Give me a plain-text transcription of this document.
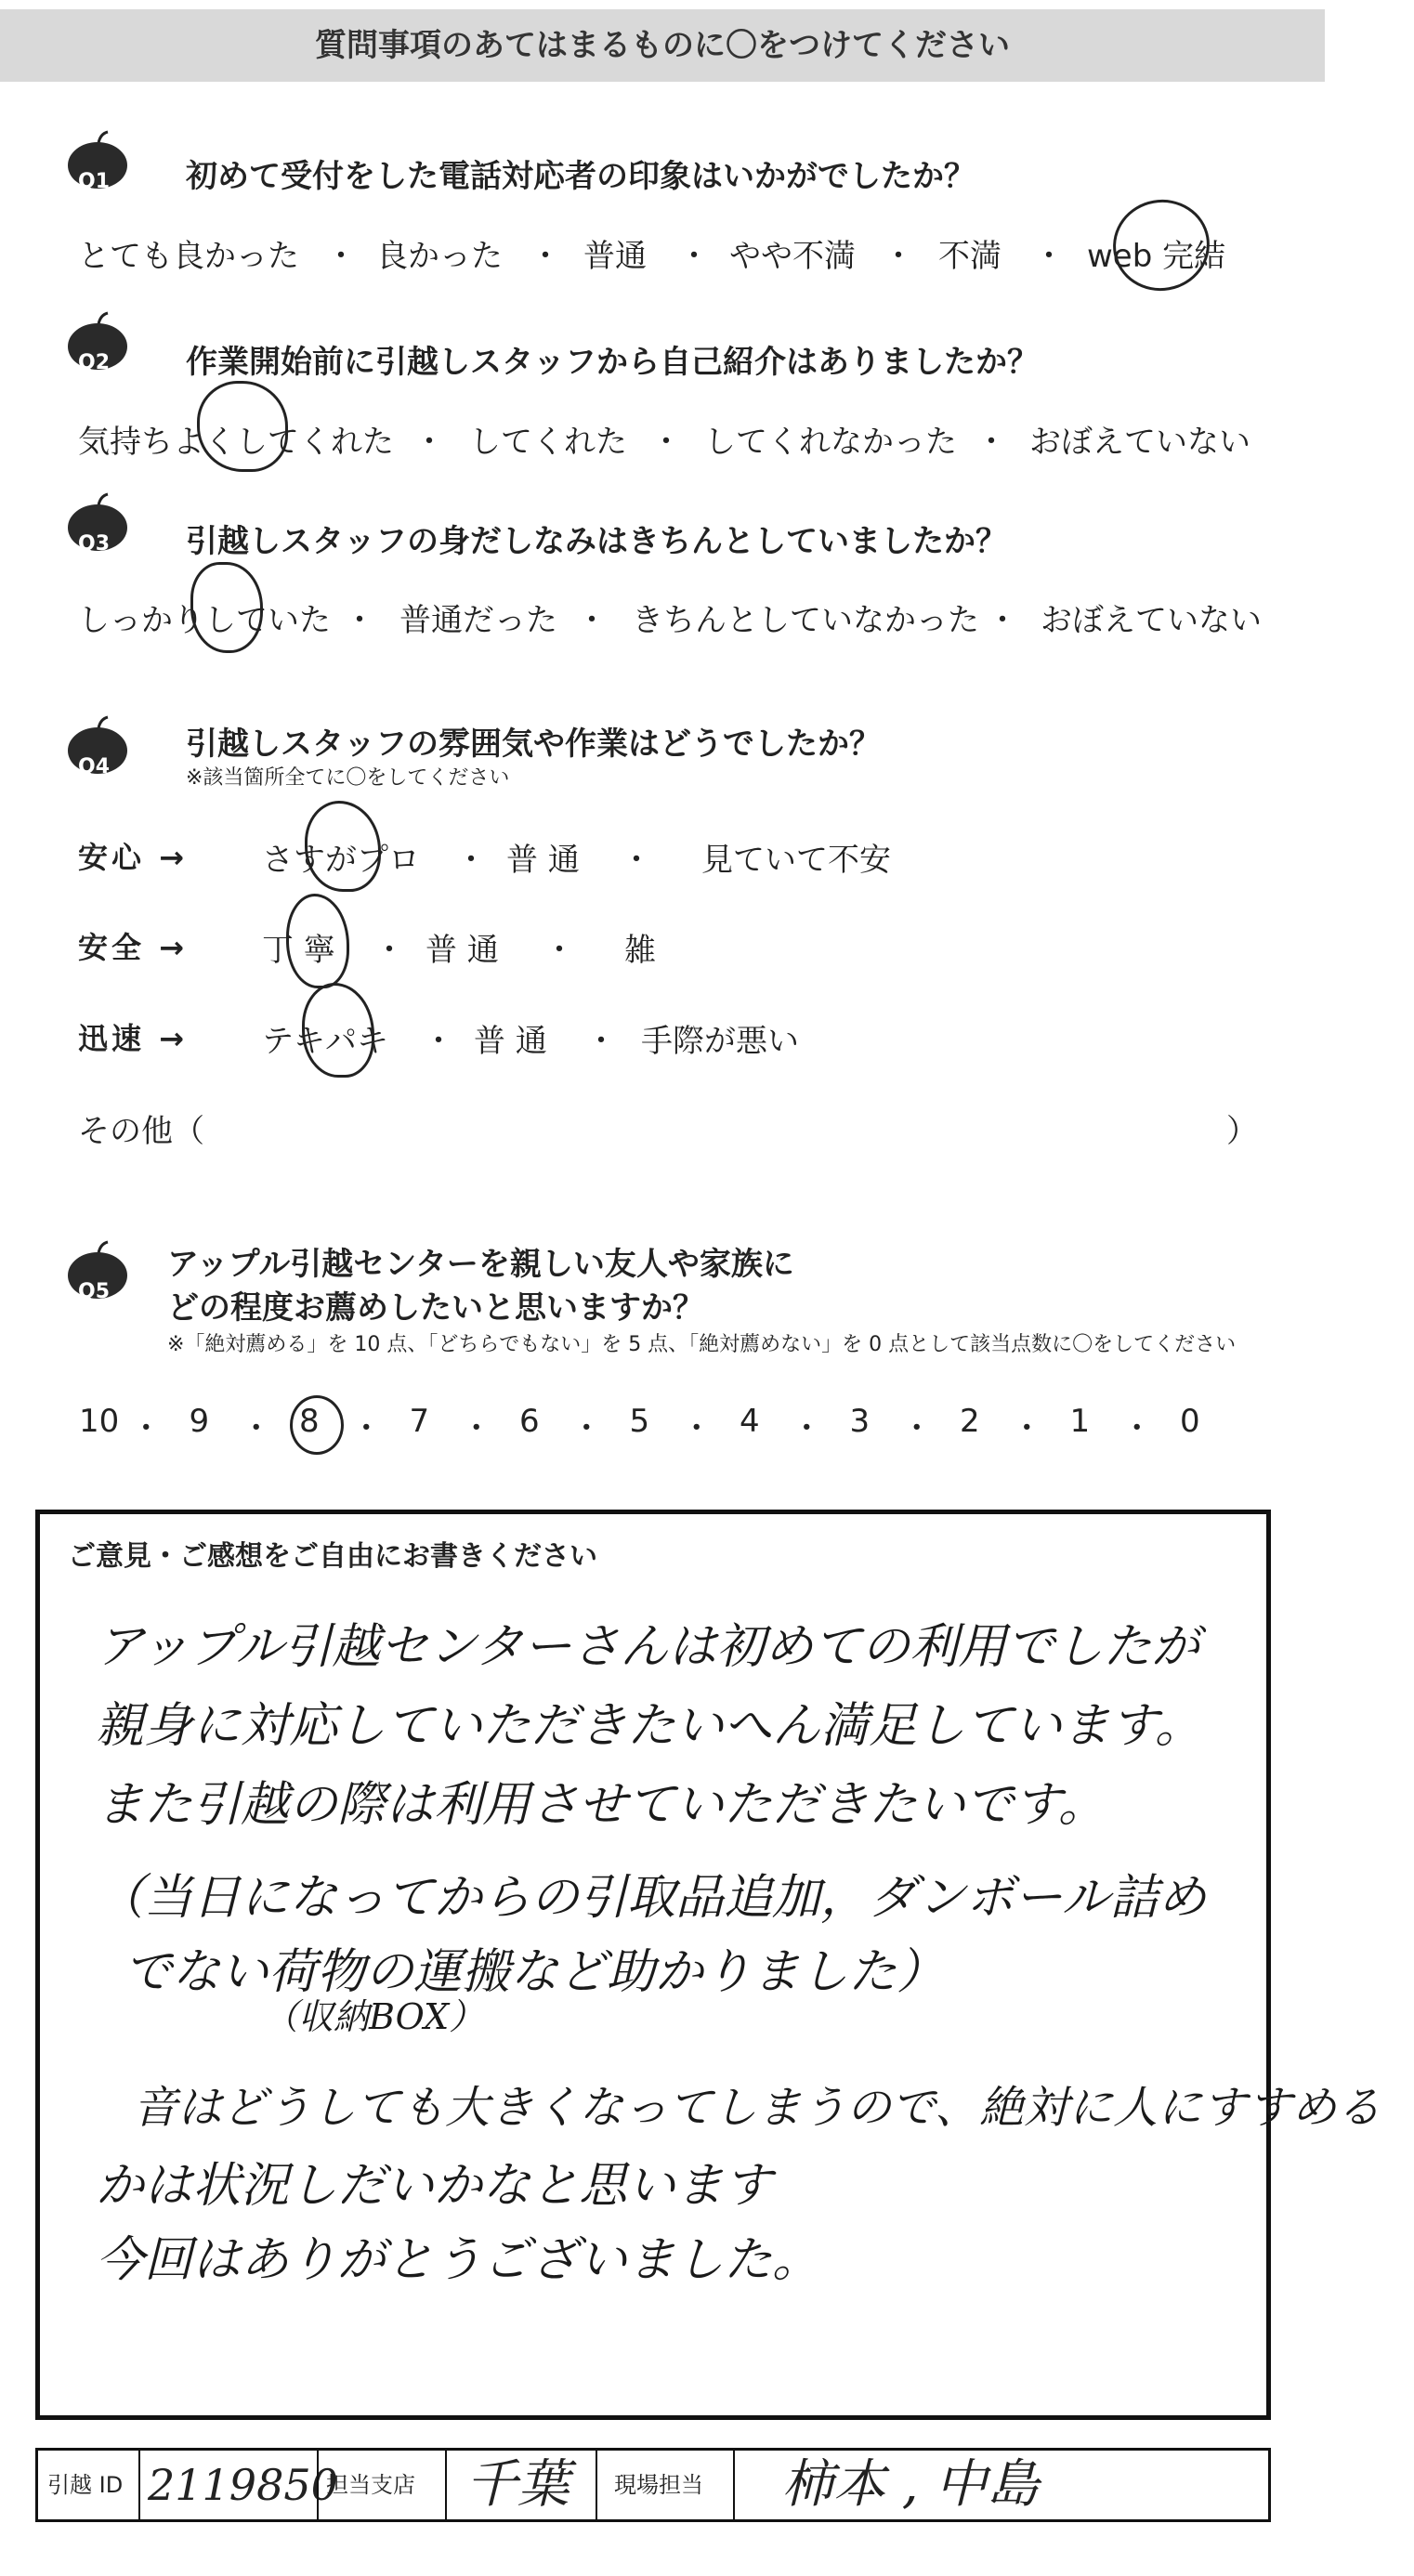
質問事項のあてはまるものに〇をつけてください
Q1 初めて受付をした電話対応者の印象はいかがでしたか？
とても良かった ・ 良かった ・ 普通 ・ やや不満 ・ 不満 ・ web 完結
Q2 作業開始前に引越しスタッフから自己紹介はありましたか？
気持ちよくしてくれた ・ してくれた ・ してくれなかった ・ おぼえていない
Q3 引越しスタッフの身だしなみはきちんとしていましたか？
しっかりしていた ・ 普通だった ・ きちんとしていなかった ・ おぼえていない
Q4
引越しスタッフの雰囲気や作業はどうでしたか？
※該当箇所全てに〇をしてください
安心 → さすがプロ ・ 普 通 ・ 見ていて不安
安全 → 丁 寧 ・ 普 通 ・ 雑
迅速 → テキパキ ・ 普 通 ・ 手際が悪い
その他（	）
Q5
アップル引越センターを親しい友人や家族に
どの程度お薦めしたいと思いますか？
※「絶対薦める」を 10 点、「どちらでもない」を 5 点、「絶対薦めない」を 0 点として該当点数に〇をしてください
10 ・ 9 ・ 8 ・ 7 ・ 6 ・ 5 ・ 4 ・ 3 ・ 2 ・ 1 ・ 0
ご意見・ご感想をご自由にお書きください
アップル引越センターさんは初めての利用でしたが
親身に対応していただきたいへん満足しています。
また引越の際は利用させていただきたいです。
（当日になってからの引取品追加，ダンボール詰め
でない荷物の運搬など助かりました）
（収納BOX）
音はどうしても大きくなってしまうので、絶対に人にすすめる
かは状況しだいかなと思います
今回はありがとうございました。
引越 ID 2119850
担当支店 千葉	現場担当	柿本 , 中島
